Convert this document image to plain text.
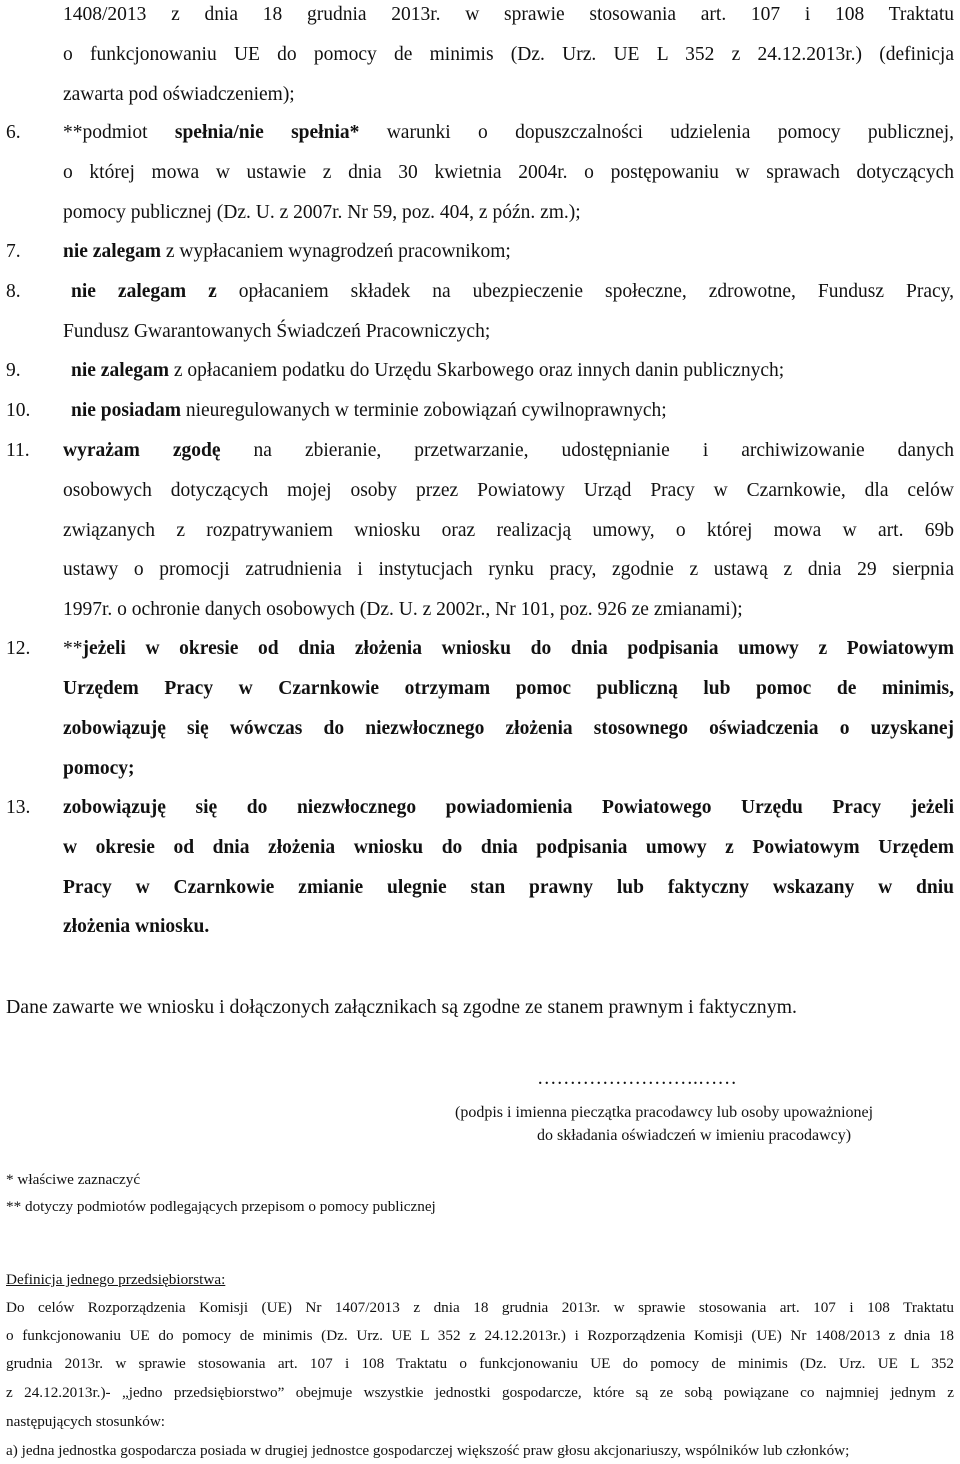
1408/2013 z dnia 18 grudnia 2013r. w sprawie stosowania art. 107 i 108 Traktatu
o funkcjonowaniu UE do pomocy de minimis (Dz. Urz. UE L 352 z 24.12.2013r.) (definicja
zawarta pod oświadczeniem);
6. **podmiot spełnia/nie spełnia* warunki o dopuszczalności udzielenia pomocy publicznej,
o której mowa w ustawie z dnia 30 kwietnia 2004r. o postępowaniu w sprawach dotyczących
pomocy publicznej (Dz. U. z 2007r. Nr 59, poz. 404, z późn. zm.);
7. nie zalegam z wypłacaniem wynagrodzeń pracownikom;
8.	nie zalegam z opłacaniem składek na ubezpieczenie społeczne, zdrowotne, Fundusz Pracy,
Fundusz Gwarantowanych Świadczeń Pracowniczych;
9.	nie zalegam z opłacaniem podatku do Urzędu Skarbowego oraz innych danin publicznych;
10. nie posiadam nieuregulowanych w terminie zobowiązań cywilnoprawnych;
11. wyrażam zgodę na zbieranie, przetwarzanie, udostępnianie i archiwizowanie danych
osobowych dotyczących mojej osoby przez Powiatowy Urząd Pracy w Czarnkowie, dla celów
związanych z rozpatrywaniem wniosku oraz realizacją umowy, o której mowa w art. 69b
ustawy o promocji zatrudnienia i instytucjach rynku pracy, zgodnie z ustawą z dnia 29 sierpnia
1997r. o ochronie danych osobowych (Dz. U. z 2002r., Nr 101, poz. 926 ze zmianami);
12. **jeżeli w okresie od dnia złożenia wniosku do dnia podpisania umowy z Powiatowym
Urzędem Pracy w Czarnkowie otrzymam pomoc publiczną lub pomoc de minimis,
zobowiązuję się wówczas do niezwłocznego złożenia stosownego oświadczenia o uzyskanej
pomocy;
13. zobowiązuję się do niezwłocznego powiadomienia Powiatowego Urzędu Pracy jeżeli
w okresie od dnia złożenia wniosku do dnia podpisania umowy z Powiatowym Urzędem
Pracy w Czarnkowie zmianie ulegnie stan prawny lub faktyczny wskazany w dniu
złożenia wniosku.
Dane zawarte we wniosku i dołączonych załącznikach są zgodne ze stanem prawnym i faktycznym.
…………………….……
(podpis i imienna pieczątka pracodawcy lub osoby upoważnionej
do składania oświadczeń w imieniu pracodawcy)
* właściwe zaznaczyć
** dotyczy podmiotów podlegających przepisom o pomocy publicznej
Definicja jednego przedsiębiorstwa:
Do celów Rozporządzenia Komisji (UE) Nr 1407/2013 z dnia 18 grudnia 2013r. w sprawie stosowania art. 107 i 108 Traktatu
o funkcjonowaniu UE do pomocy de minimis (Dz. Urz. UE L 352 z 24.12.2013r.) i Rozporządzenia Komisji (UE) Nr 1408/2013 z dnia 18
grudnia 2013r. w sprawie stosowania art. 107 i 108 Traktatu o funkcjonowaniu UE do pomocy de minimis (Dz. Urz. UE L 352
z 24.12.2013r.)- „jedno przedsiębiorstwo” obejmuje wszystkie jednostki gospodarcze, które są ze sobą powiązane co najmniej jednym z
następujących stosunków:
a) jedna jednostka gospodarcza posiada w drugiej jednostce gospodarczej większość praw głosu akcjonariuszy, wspólników lub członków;
